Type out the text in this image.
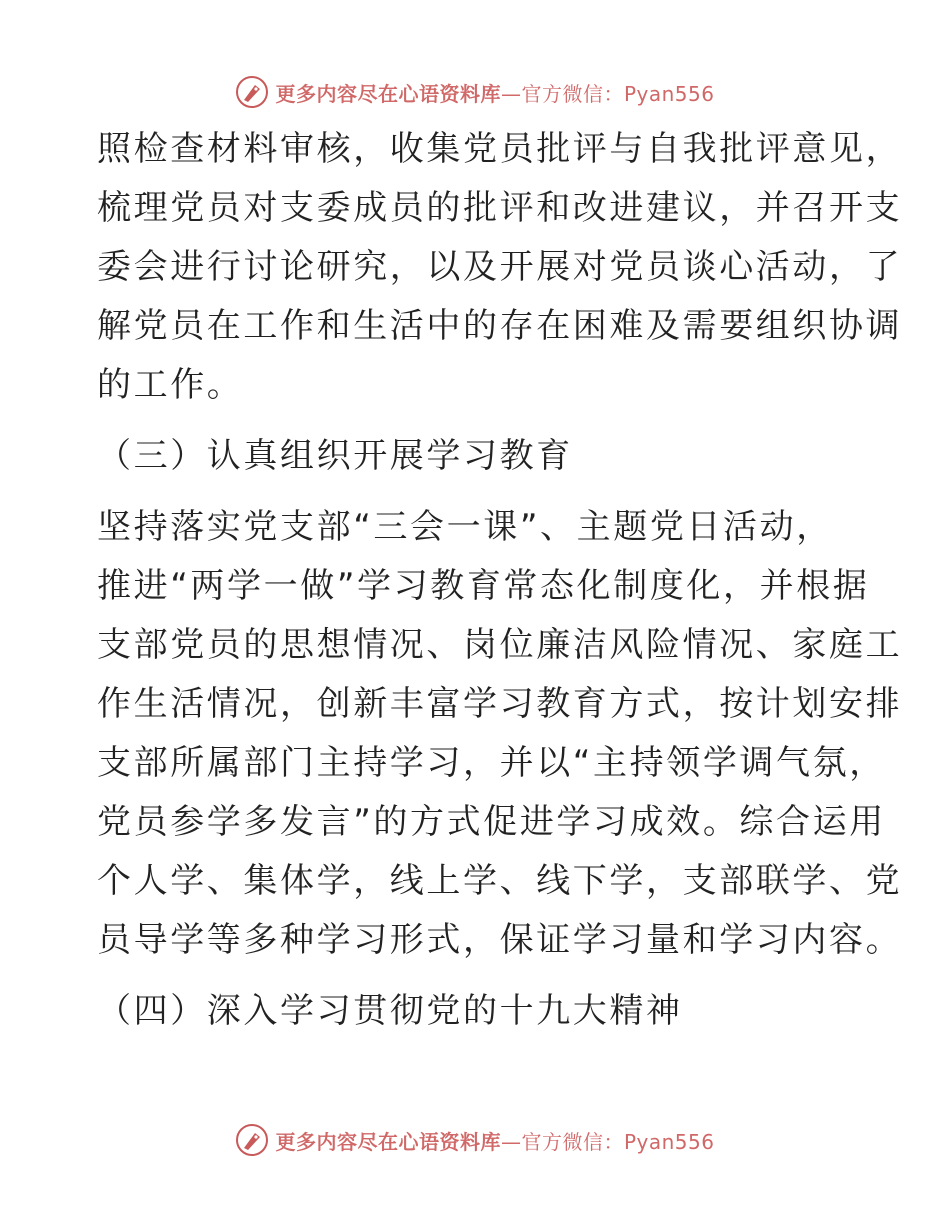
更多内容尽在心语资料库—官方微信：Pyan556

照检查材料审核，收集党员批评与自我批评意见，
梳理党员对支委成员的批评和改进建议，并召开支
委会进行讨论研究，以及开展对党员谈心活动，了
解党员在工作和生活中的存在困难及需要组织协调
的工作。

（三）认真组织开展学习教育

坚持落实党支部“三会一课”、主题党日活动，
推进“两学一做”学习教育常态化制度化，并根据
支部党员的思想情况、岗位廉洁风险情况、家庭工
作生活情况，创新丰富学习教育方式，按计划安排
支部所属部门主持学习，并以“主持领学调气氛，
党员参学多发言”的方式促进学习成效。综合运用
个人学、集体学，线上学、线下学，支部联学、党
员导学等多种学习形式，保证学习量和学习内容。

（四）深入学习贯彻党的十九大精神

更多内容尽在心语资料库—官方微信：Pyan556
